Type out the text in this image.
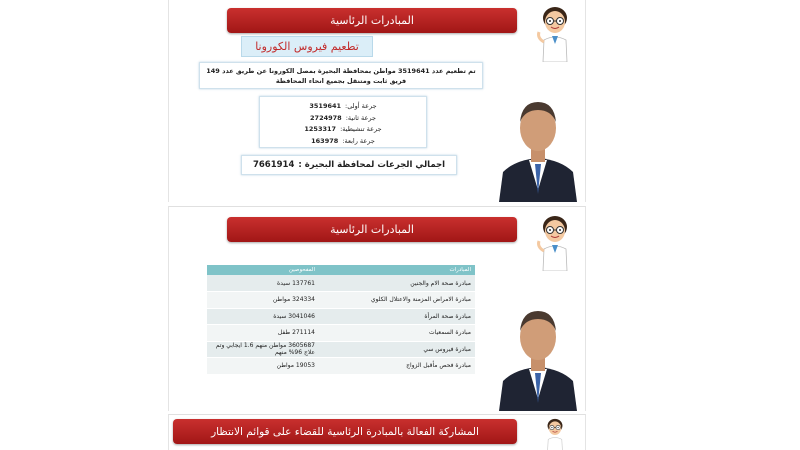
المبادرات الرئاسية
تطعيم فيروس الكورونا
تم تطعيم عدد 3519641 مواطن بمحافظة البحيرة بمصل الكورونا عن طريق عدد 149 فريق ثابت ومتنقل بجميع انحاء المحافظة
جرعة أولى:
3519641
جرعة ثانية:
2724978
جرعة تنشيطية:
1253317
جرعة رابعة:
163978
اجمالي الجرعات لمحافظة البحيرة :
7661914
المبادرات الرئاسية
المبادرات	المفحوصين
مبادرة صحة الام والجنين	137761 سيدة
مبادرة الامراض المزمنة والاعتلال الكلوي	324334 مواطن
مبادرة صحة المرأة	3041046 سيدة
مبادرة السمعيات	271114 طفل
مبادرة فيروس سي	3605687 مواطن منهم 1.6 ايجابي وتم علاج 96% منهم
مبادرة فحص مأقبل الزواج	19053 مواطن
المشاركة الفعالة بالمبادرة الرئاسية للقضاء على قوائم الانتظار
